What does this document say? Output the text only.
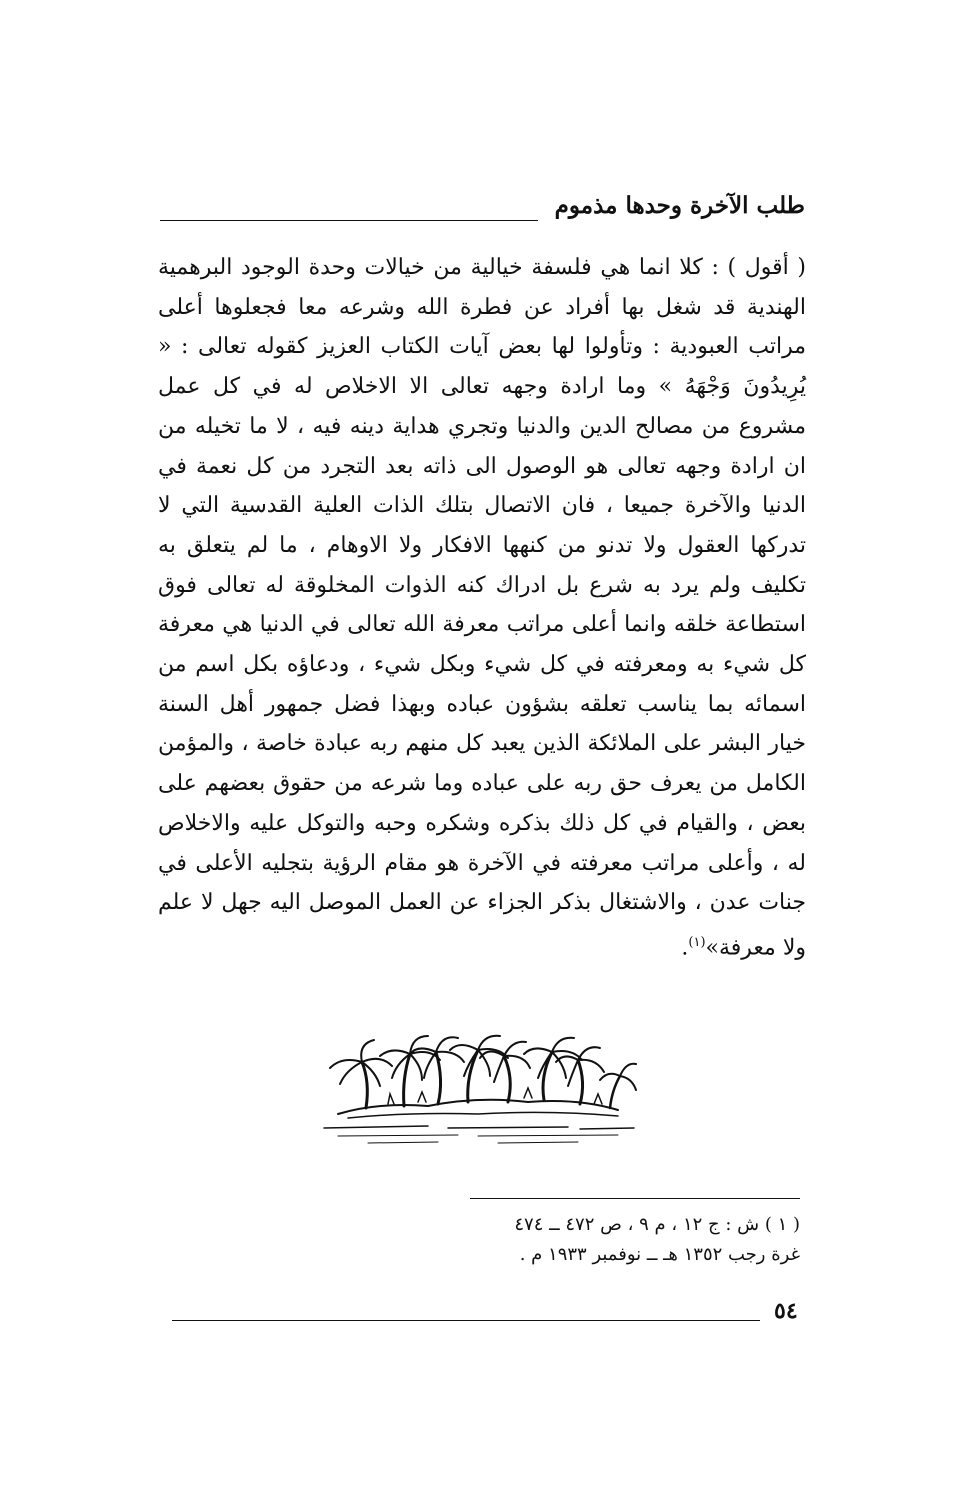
طلب الآخرة وحدها مذموم

( أقول ) : كلا انما هي فلسفة خيالية من خيالات وحدة الوجود البرهمية الهندية قد شغل بها أفراد عن فطرة الله وشرعه معا فجعلوها أعلى مراتب العبودية : وتأولوا لها بعض آيات الكتاب العزيز كقوله تعالى : « يُرِيدُونَ وَجْهَهُ » وما ارادة وجهه تعالى الا الاخلاص له في كل عمل مشروع من مصالح الدين والدنيا وتجري هداية دينه فيه ، لا ما تخيله من ان ارادة وجهه تعالى هو الوصول الى ذاته بعد التجرد من كل نعمة في الدنيا والآخرة جميعا ، فان الاتصال بتلك الذات العلية القدسية التي لا تدركها العقول ولا تدنو من كنهها الافكار ولا الاوهام ، ما لم يتعلق به تكليف ولم يرد به شرع بل ادراك كنه الذوات المخلوقة له تعالى فوق استطاعة خلقه وانما أعلى مراتب معرفة الله تعالى في الدنيا هي معرفة كل شيء به ومعرفته في كل شيء وبكل شيء ، ودعاؤه بكل اسم من اسمائه بما يناسب تعلقه بشؤون عباده وبهذا فضل جمهور أهل السنة خيار البشر على الملائكة الذين يعبد كل منهم ربه عبادة خاصة ، والمؤمن الكامل من يعرف حق ربه على عباده وما شرعه من حقوق بعضهم على بعض ، والقيام في كل ذلك بذكره وشكره وحبه والتوكل عليه والاخلاص له ، وأعلى مراتب معرفته في الآخرة هو مقام الرؤية بتجليه الأعلى في جنات عدن ، والاشتغال بذكر الجزاء عن العمل الموصل اليه جهل لا علم ولا معرفة»$^{(١)}$.

( ١ ) ش : ج ١٢ ، م ٩ ، ص ٤٧٢ ــ ٤٧٤
غرة رجب ١٣٥٢ هـ ــ نوفمبر ١٩٣٣ م .
٥٤
